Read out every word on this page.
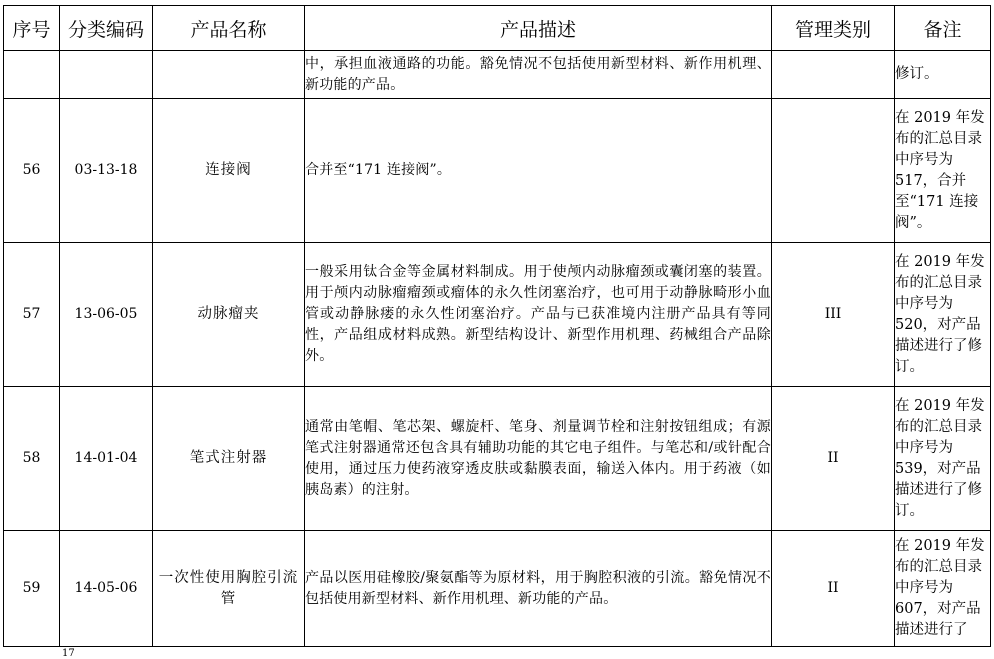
序号	分类编码	产品名称	产品描述	管理类别	备注
			中，承担血液通路的功能。豁免情况不包括使用新型材料、新作用机理、新功能的产品。		修订。
56	03-13-18	连接阀	合并至“171 连接阀”。		在 2019 年发布的汇总目录中序号为 517，合并至“171 连接阀”。
57	13-06-05	动脉瘤夹	一般采用钛合金等金属材料制成。用于使颅内动脉瘤颈或囊闭塞的装置。用于颅内动脉瘤瘤颈或瘤体的永久性闭塞治疗，也可用于动静脉畸形小血管或动静脉瘘的永久性闭塞治疗。产品与已获准境内注册产品具有等同性，产品组成材料成熟。新型结构设计、新型作用机理、药械组合产品除外。	III	在 2019 年发布的汇总目录中序号为 520，对产品描述进行了修订。
58	14-01-04	笔式注射器	通常由笔帽、笔芯架、螺旋杆、笔身、剂量调节栓和注射按钮组成；有源笔式注射器通常还包含具有辅助功能的其它电子组件。与笔芯和/或针配合使用，通过压力使药液穿透皮肤或黏膜表面，输送入体内。用于药液（如胰岛素）的注射。	II	在 2019 年发布的汇总目录中序号为 539，对产品描述进行了修订。
59	14-05-06	一次性使用胸腔引流管	产品以医用硅橡胶/聚氨酯等为原材料，用于胸腔积液的引流。豁免情况不包括使用新型材料、新作用机理、新功能的产品。	II	在 2019 年发布的汇总目录中序号为 607，对产品描述进行了
17
